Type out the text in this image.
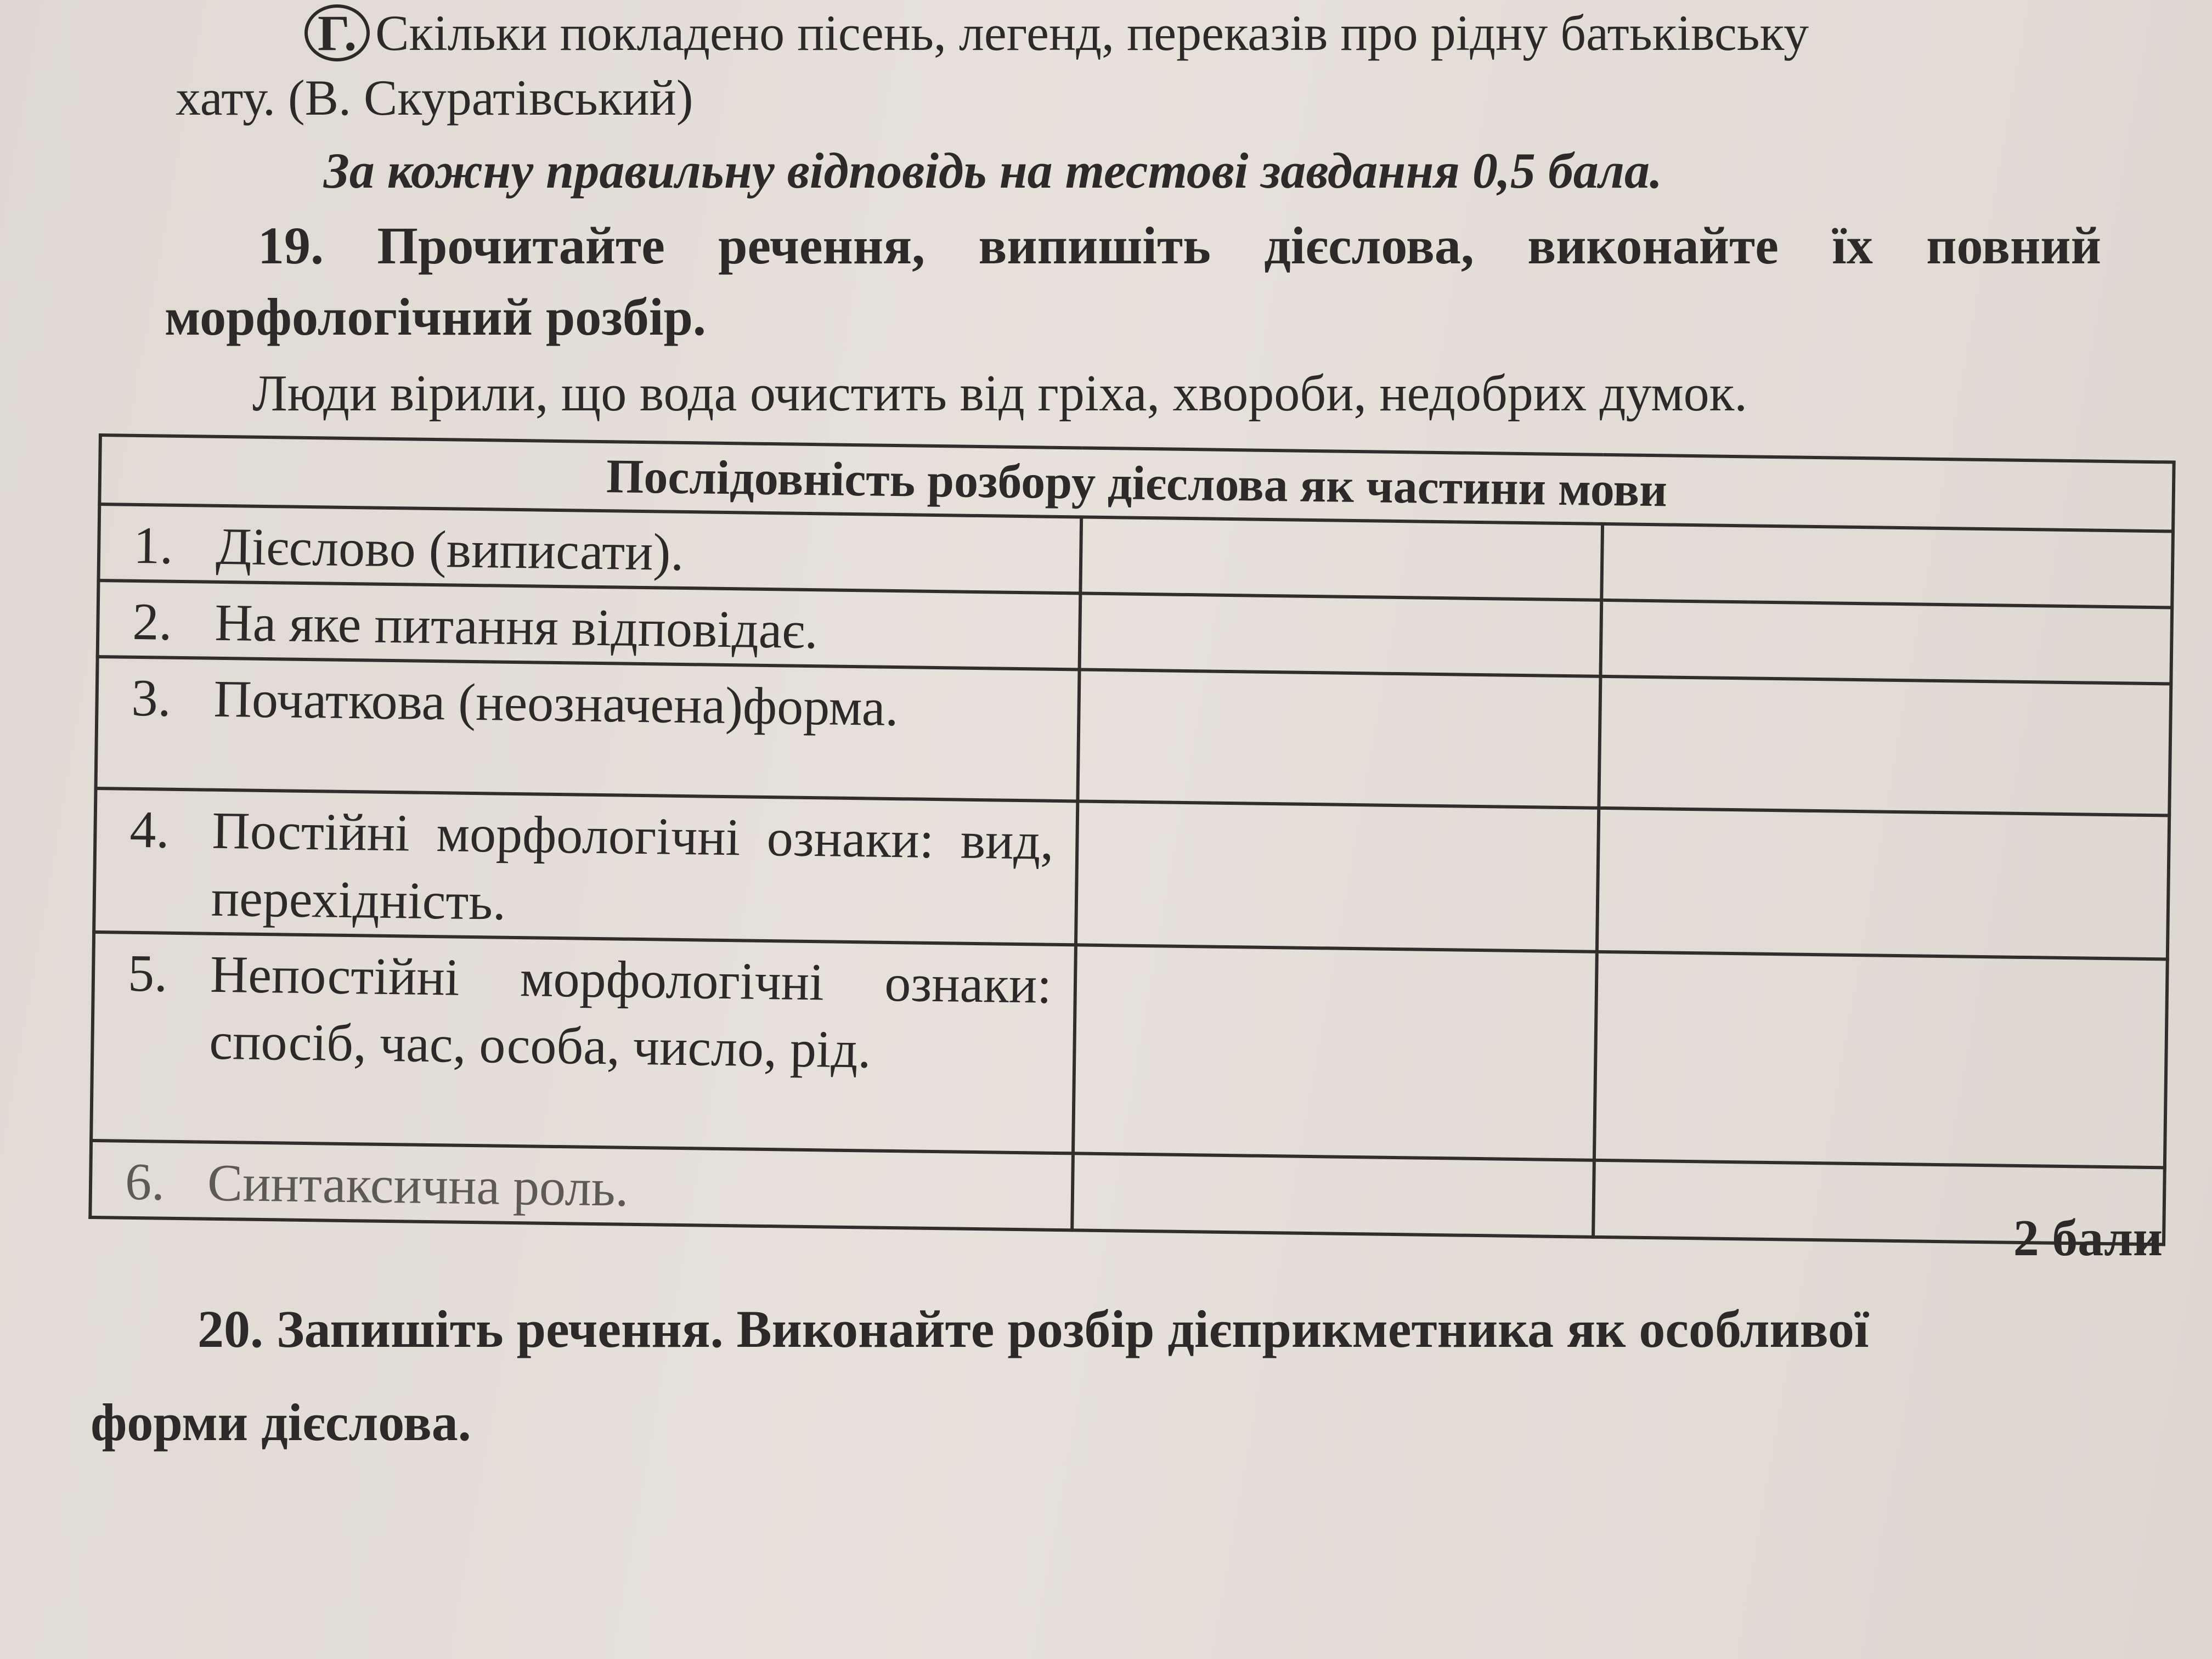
Г. Скільки покладено пісень, легенд, переказів про рідну батьківську
хату. (В. Скуратівський)
За кожну правильну відповідь на тестові завдання 0,5 бала.
19. Прочитайте речення, випишіть дієслова, виконайте їх повний
морфологічний розбір.
Люди вірили, що вода очистить від гріха, хвороби, недобрих думок.
Послідовність розбору дієслова як частини мови		

1. Дієслово (виписати).		

2. На яке питання відповідає.		

3. Початкова (неозначена)форма.		

4. Постійні морфологічні ознаки: вид, перехідність.		

5. Непостійні морфологічні ознаки: спосіб, час, особа, число, рід.		

6. Синтаксична роль.		

2 бали
20. Запишіть речення. Виконайте розбір дієприкметника як особливої
форми дієслова.
